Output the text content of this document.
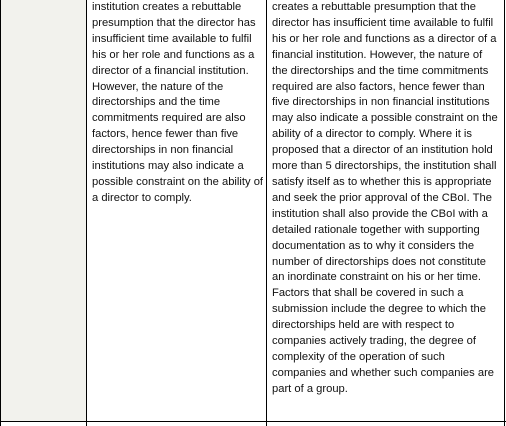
institution creates a rebuttable
presumption that the director has
insufficient time available to fulfil
his or her role and functions as a
director of a financial institution.
However, the nature of the
directorships and the time
commitments required are also
factors, hence fewer than five
directorships in non financial
institutions may also indicate a
possible constraint on the ability of
a director to comply.
creates a rebuttable presumption that the
director has insufficient time available to fulfil
his or her role and functions as a director of a
financial institution. However, the nature of
the directorships and the time commitments
required are also factors, hence fewer than
five directorships in non financial institutions
may also indicate a possible constraint on the
ability of a director to comply. Where it is
proposed that a director of an institution hold
more than 5 directorships, the institution shall
satisfy itself as to whether this is appropriate
and seek the prior approval of the CBoI. The
institution shall also provide the CBoI with a
detailed rationale together with supporting
documentation as to why it considers the
number of directorships does not constitute
an inordinate constraint on his or her time.
Factors that shall be covered in such a
submission include the degree to which the
directorships held are with respect to
companies actively trading, the degree of
complexity of the operation of such
companies and whether such companies are
part of a group.
